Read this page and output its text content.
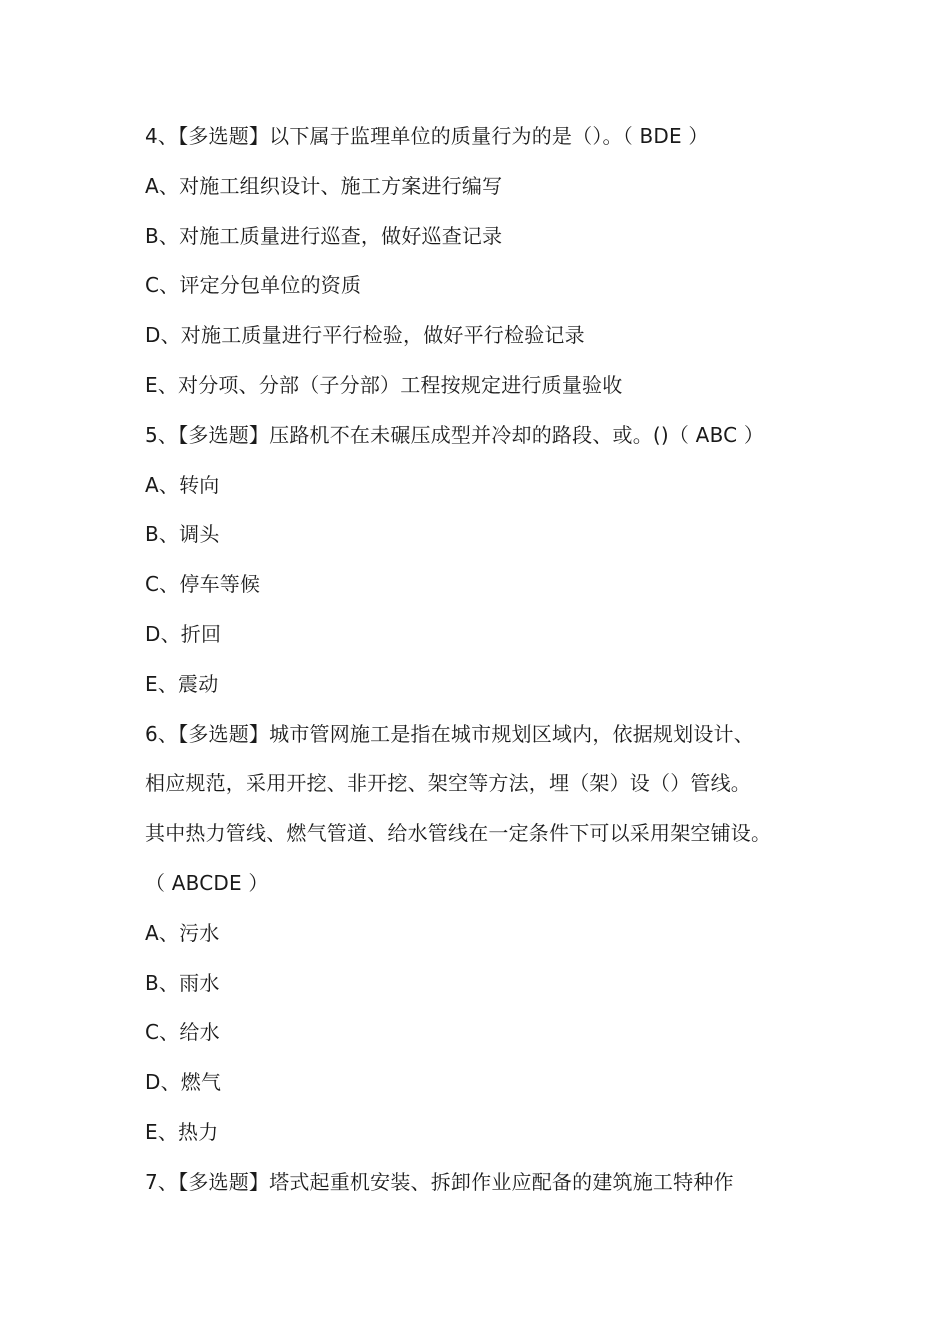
4、【多选题】以下属于监理单位的质量行为的是（）。（ BDE ）
A、对施工组织设计、施工方案进行编写
B、对施工质量进行巡查，做好巡查记录
C、评定分包单位的资质
D、对施工质量进行平行检验，做好平行检验记录
E、对分项、分部（子分部）工程按规定进行质量验收
5、【多选题】压路机不在未碾压成型并冷却的路段、或。()（ ABC ）
A、转向
B、调头
C、停车等候
D、折回
E、震动
6、【多选题】城市管网施工是指在城市规划区域内，依据规划设计、
相应规范，采用开挖、非开挖、架空等方法，埋（架）设（）管线。
其中热力管线、燃气管道、给水管线在一定条件下可以采用架空铺设。
（ ABCDE ）
A、污水
B、雨水
C、给水
D、燃气
E、热力
7、【多选题】塔式起重机安装、拆卸作业应配备的建筑施工特种作
